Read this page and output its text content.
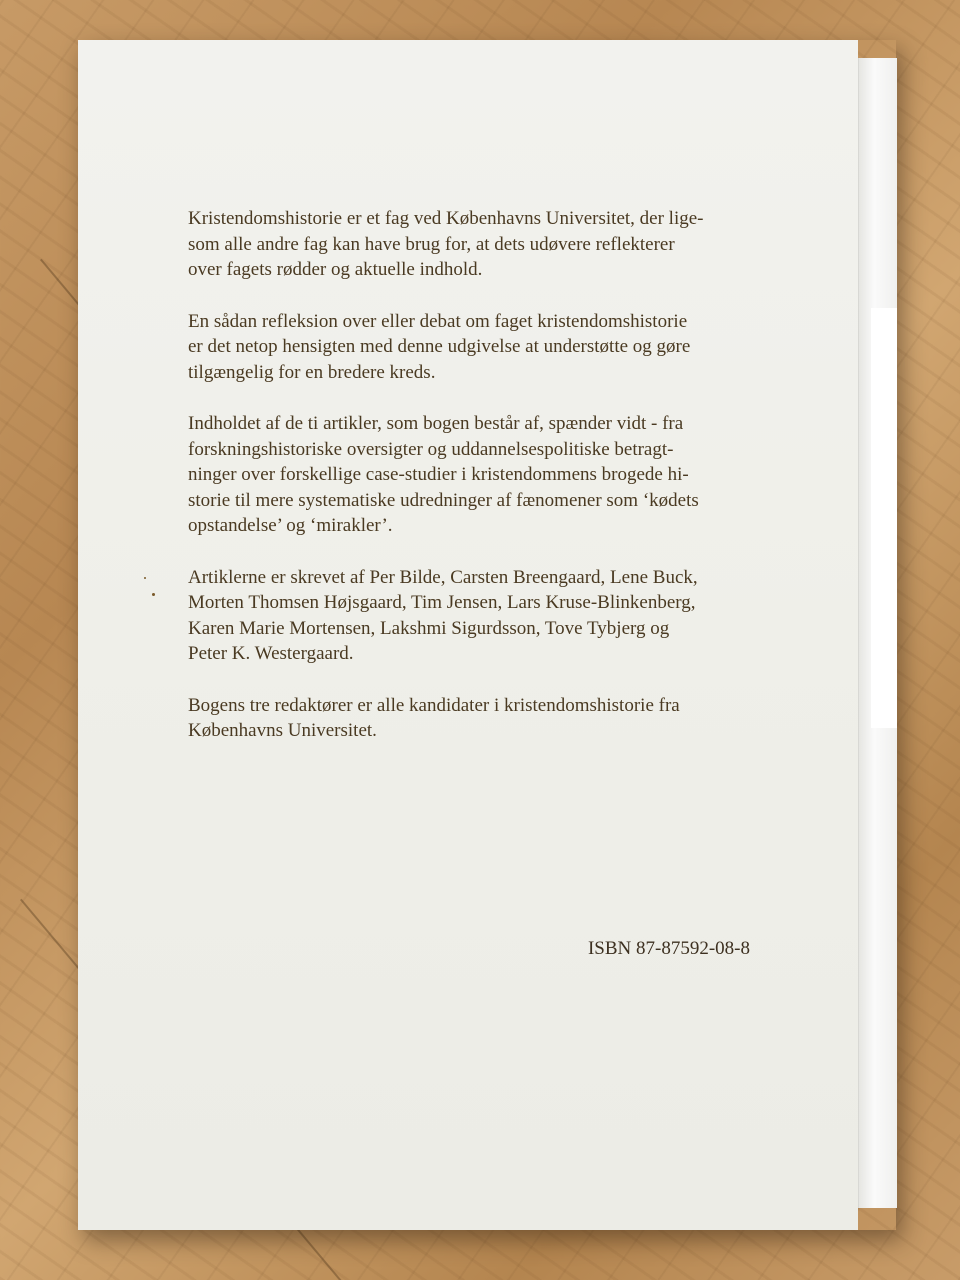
Kristendomshistorie er et fag ved Københavns Universitet, der lige-
som alle andre fag kan have brug for, at dets udøvere reflekterer
over fagets rødder og aktuelle indhold.

En sådan refleksion over eller debat om faget kristendomshistorie
er det netop hensigten med denne udgivelse at understøtte og gøre
tilgængelig for en bredere kreds.

Indholdet af de ti artikler, som bogen består af, spænder vidt - fra
forskningshistoriske oversigter og uddannelsespolitiske betragt-
ninger over forskellige case-studier i kristendommens brogede hi-
storie til mere systematiske udredninger af fænomener som ‘kødets
opstandelse’ og ‘mirakler’.

Artiklerne er skrevet af Per Bilde, Carsten Breengaard, Lene Buck,
Morten Thomsen Højsgaard, Tim Jensen, Lars Kruse-Blinkenberg,
Karen Marie Mortensen, Lakshmi Sigurdsson, Tove Tybjerg og
Peter K. Westergaard.

Bogens tre redaktører er alle kandidater i kristendomshistorie fra
Københavns Universitet.

ISBN 87-87592-08-8
